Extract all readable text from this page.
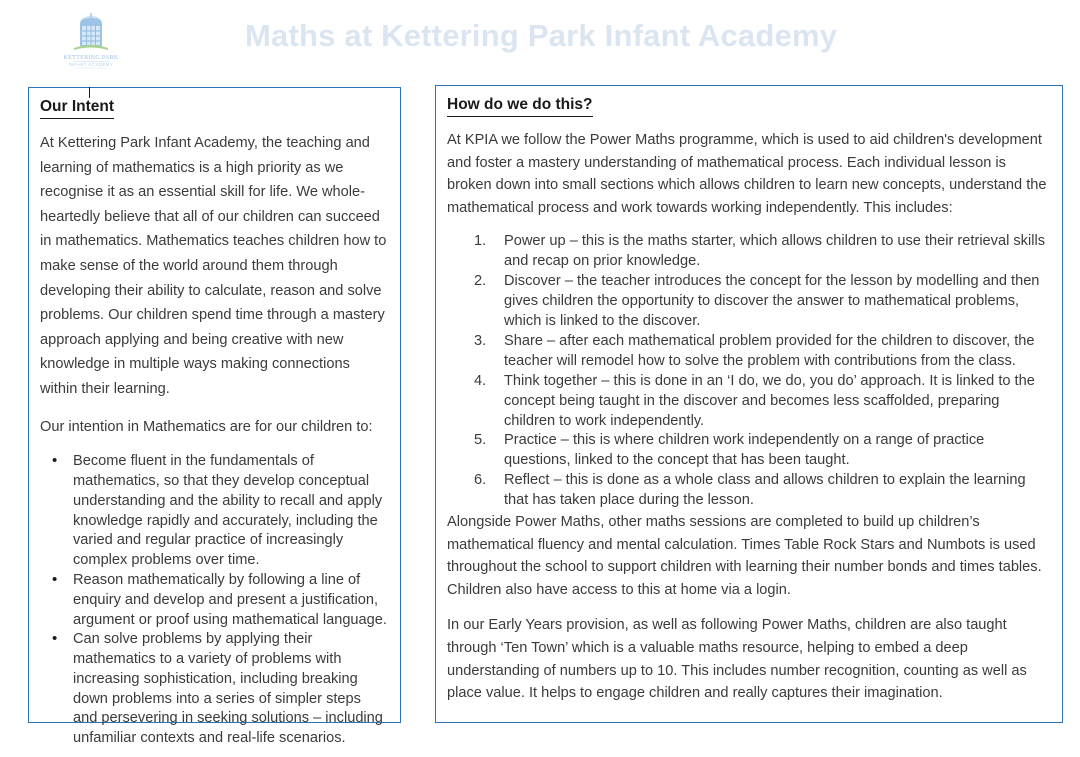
KETTERING PARK
INFANT ACADEMY
Maths at Kettering Park Infant Academy
Our Intent

At Kettering Park Infant Academy, the teaching and learning of mathematics is a high priority as we recognise it as an essential skill for life. We whole-heartedly believe that all of our children can succeed in mathematics. Mathematics teaches children how to make sense of the world around them through developing their ability to calculate, reason and solve problems. Our children spend time through a mastery approach applying and being creative with new knowledge in multiple ways making connections within their learning.

Our intention in Mathematics are for our children to:

• Become fluent in the fundamentals of mathematics, so that they develop conceptual understanding and the ability to recall and apply knowledge rapidly and accurately, including the varied and regular practice of increasingly complex problems over time.
• Reason mathematically by following a line of enquiry and develop and present a justification, argument or proof using mathematical language.
• Can solve problems by applying their mathematics to a variety of problems with increasing sophistication, including breaking down problems into a series of simpler steps and persevering in seeking solutions – including unfamiliar contexts and real-life scenarios.
How do we do this?

At KPIA we follow the Power Maths programme, which is used to aid children's development and foster a mastery understanding of mathematical process. Each individual lesson is broken down into small sections which allows children to learn new concepts, understand the mathematical process and work towards working independently. This includes:

Power up – this is the maths starter, which allows children to use their retrieval skills and recap on prior knowledge.
Discover – the teacher introduces the concept for the lesson by modelling and then gives children the opportunity to discover the answer to mathematical problems, which is linked to the discover.
Share – after each mathematical problem provided for the children to discover, the teacher will remodel how to solve the problem with contributions from the class.
Think together – this is done in an ‘I do, we do, you do’ approach. It is linked to the concept being taught in the discover and becomes less scaffolded, preparing children to work independently.
Practice – this is where children work independently on a range of practice questions, linked to the concept that has been taught.
Reflect – this is done as a whole class and allows children to explain the learning that has taken place during the lesson.

Alongside Power Maths, other maths sessions are completed to build up children’s mathematical fluency and mental calculation. Times Table Rock Stars and Numbots is used throughout the school to support children with learning their number bonds and times tables. Children also have access to this at home via a login.

In our Early Years provision, as well as following Power Maths, children are also taught through ‘Ten Town’ which is a valuable maths resource, helping to embed a deep understanding of numbers up to 10. This includes number recognition, counting as well as place value. It helps to engage children and really captures their imagination.
